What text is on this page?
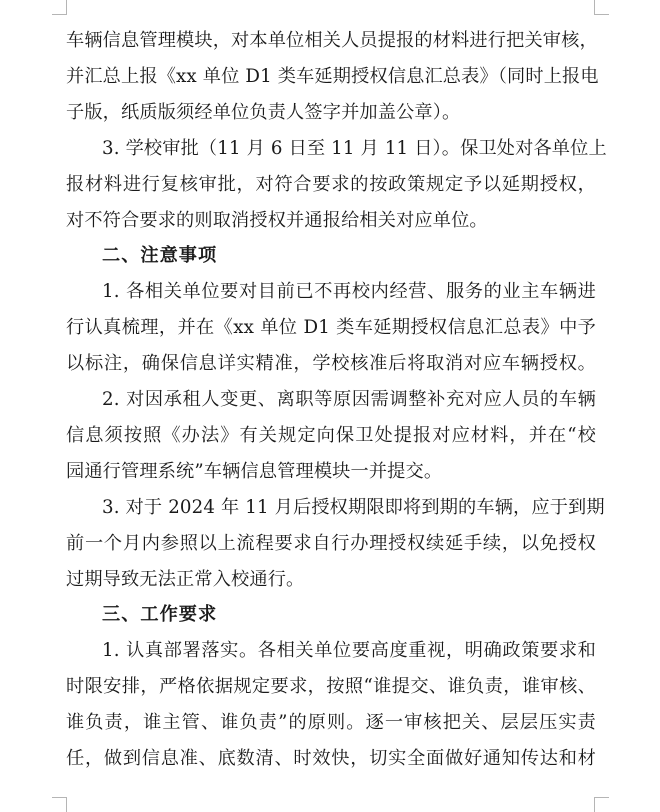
车辆信息管理模块，对本单位相关人员提报的材料进行把关审核，
并汇总上报《xx 单位 D1 类车延期授权信息汇总表》（同时上报电
子版，纸质版须经单位负责人签字并加盖公章）。
3. 学校审批（11 月 6 日至 11 月 11 日）。保卫处对各单位上
报材料进行复核审批，对符合要求的按政策规定予以延期授权，
对不符合要求的则取消授权并通报给相关对应单位。
二、注意事项
1. 各相关单位要对目前已不再校内经营、服务的业主车辆进
行认真梳理，并在《xx 单位 D1 类车延期授权信息汇总表》中予
以标注，确保信息详实精准，学校核准后将取消对应车辆授权。
2. 对因承租人变更、离职等原因需调整补充对应人员的车辆
信息须按照《办法》有关规定向保卫处提报对应材料，并在“校
园通行管理系统”车辆信息管理模块一并提交。
3. 对于 2024 年 11 月后授权期限即将到期的车辆，应于到期
前一个月内参照以上流程要求自行办理授权续延手续，以免授权
过期导致无法正常入校通行。
三、工作要求
1. 认真部署落实。各相关单位要高度重视，明确政策要求和
时限安排，严格依据规定要求，按照“谁提交、谁负责，谁审核、
谁负责，谁主管、谁负责”的原则。逐一审核把关、层层压实责
任，做到信息准、底数清、时效快，切实全面做好通知传达和材
